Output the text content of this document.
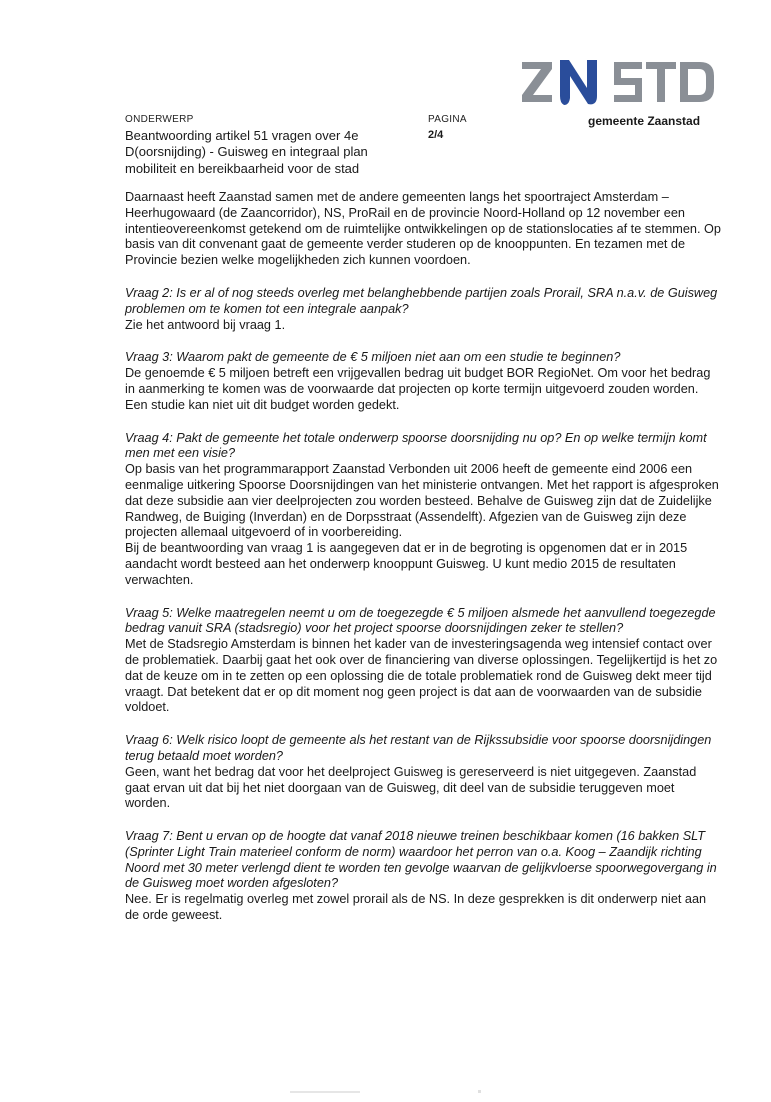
ZNSTD
gemeente Zaanstad
ONDERWERP
Beantwoording artikel 51 vragen over 4e D(oorsnijding) - Guisweg en integraal plan mobiliteit en bereikbaarheid voor de stad
PAGINA
2/4

Daarnaast heeft Zaanstad samen met de andere gemeenten langs het spoortraject Amsterdam – Heerhugowaard (de Zaancorridor), NS, ProRail en de provincie Noord-Holland op 12 november een intentieovereenkomst getekend om de ruimtelijke ontwikkelingen op de stationslocaties af te stemmen. Op basis van dit convenant gaat de gemeente verder studeren op de knooppunten. En tezamen met de Provincie bezien welke mogelijkheden zich kunnen voordoen.

Vraag 2: Is er al of nog steeds overleg met belanghebbende partijen zoals Prorail, SRA n.a.v. de Guisweg problemen om te komen tot een integrale aanpak?
Zie het antwoord bij vraag 1.

Vraag 3: Waarom pakt de gemeente de € 5 miljoen niet aan om een studie te beginnen?
De genoemde € 5 miljoen betreft een vrijgevallen bedrag uit budget BOR RegioNet. Om voor het bedrag in aanmerking te komen was de voorwaarde dat projecten op korte termijn uitgevoerd zouden worden. Een studie kan niet uit dit budget worden gedekt.

Vraag 4: Pakt de gemeente het totale onderwerp spoorse doorsnijding nu op? En op welke termijn komt men met een visie?
Op basis van het programmarapport Zaanstad Verbonden uit 2006 heeft de gemeente eind 2006 een eenmalige uitkering Spoorse Doorsnijdingen van het ministerie ontvangen. Met het rapport is afgesproken dat deze subsidie aan vier deelprojecten zou worden besteed. Behalve de Guisweg zijn dat de Zuidelijke Randweg, de Buiging (Inverdan) en de Dorpsstraat (Assendelft). Afgezien van de Guisweg zijn deze projecten allemaal uitgevoerd of in voorbereiding.
Bij de beantwoording van vraag 1 is aangegeven dat er in de begroting is opgenomen dat er in 2015 aandacht wordt besteed aan het onderwerp knooppunt Guisweg. U kunt medio 2015 de resultaten verwachten.

Vraag 5: Welke maatregelen neemt u om de toegezegde € 5 miljoen alsmede het aanvullend toegezegde bedrag vanuit SRA (stadsregio) voor het project spoorse doorsnijdingen zeker te stellen?
Met de Stadsregio Amsterdam is binnen het kader van de investeringsagenda weg intensief contact over de problematiek. Daarbij gaat het ook over de financiering van diverse oplossingen. Tegelijkertijd is het zo dat de keuze om in te zetten op een oplossing die de totale problematiek rond de Guisweg dekt meer tijd vraagt. Dat betekent dat er op dit moment nog geen project is dat aan de voorwaarden van de subsidie voldoet.

Vraag 6: Welk risico loopt de gemeente als het restant van de Rijkssubsidie voor spoorse doorsnijdingen terug betaald moet worden?
Geen, want het bedrag dat voor het deelproject Guisweg is gereserveerd is niet uitgegeven. Zaanstad gaat ervan uit dat bij het niet doorgaan van de Guisweg, dit deel van de subsidie teruggeven moet worden.

Vraag 7: Bent u ervan op de hoogte dat vanaf 2018 nieuwe treinen beschikbaar komen (16 bakken SLT (Sprinter Light Train materieel conform de norm) waardoor het perron van o.a. Koog – Zaandijk richting Noord met 30 meter verlengd dient te worden ten gevolge waarvan de gelijkvloerse spoorwegovergang in de Guisweg moet worden afgesloten?
Nee. Er is regelmatig overleg met zowel prorail als de NS. In deze gesprekken is dit onderwerp niet aan de orde geweest.
